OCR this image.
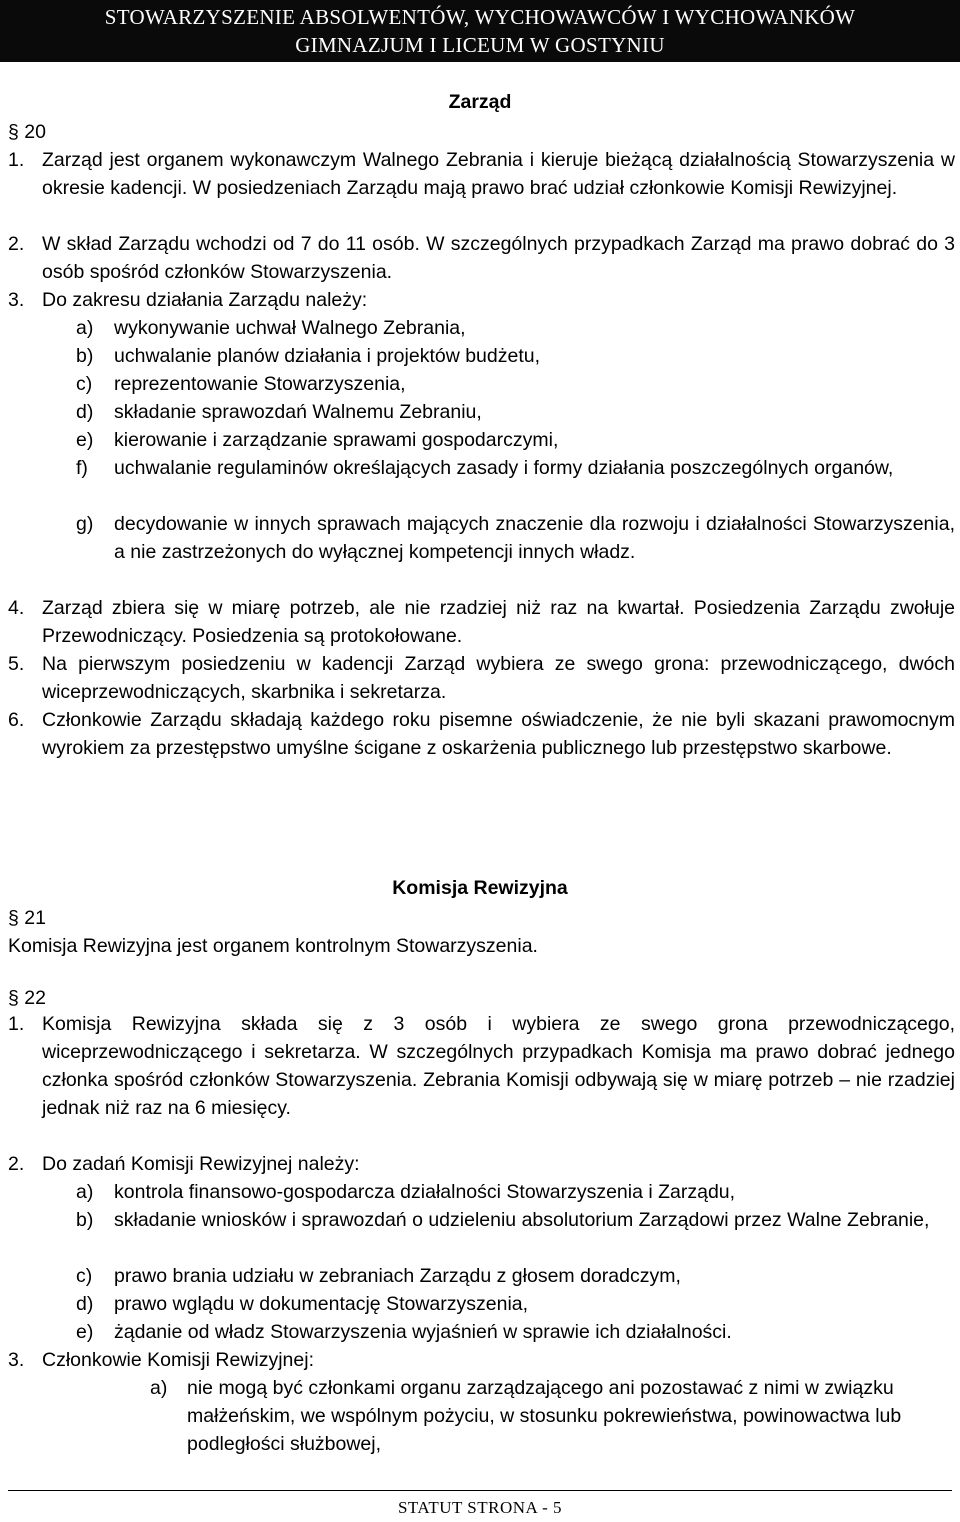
STOWARZYSZENIE ABSOLWENTÓW, WYCHOWAWCÓW I WYCHOWANKÓW
GIMNAZJUM I LICEUM W GOSTYNIU
Zarząd
§ 20
1. Zarząd jest organem wykonawczym Walnego Zebrania i kieruje bieżącą działalnością Stowarzyszenia w okresie kadencji. W posiedzeniach Zarządu mają prawo brać udział członkowie Komisji Rewizyjnej.
2. W skład Zarządu wchodzi od 7 do 11 osób. W szczególnych przypadkach Zarząd ma prawo dobrać do 3 osób spośród członków Stowarzyszenia.
3. Do zakresu działania Zarządu należy:
a) wykonywanie uchwał Walnego Zebrania,
b) uchwalanie planów działania i projektów budżetu,
c) reprezentowanie Stowarzyszenia,
d) składanie sprawozdań Walnemu Zebraniu,
e) kierowanie i zarządzanie sprawami gospodarczymi,
f) uchwalanie regulaminów określających zasady i formy działania poszczególnych organów,
g) decydowanie w innych sprawach mających znaczenie dla rozwoju i działalności Stowarzyszenia, a nie zastrzeżonych do wyłącznej kompetencji innych władz.
4. Zarząd zbiera się w miarę potrzeb, ale nie rzadziej niż raz na kwartał. Posiedzenia Zarządu zwołuje Przewodniczący. Posiedzenia są protokołowane.
5. Na pierwszym posiedzeniu w kadencji Zarząd wybiera ze swego grona: przewodniczącego, dwóch wiceprzewodniczących, skarbnika i sekretarza.
6. Członkowie Zarządu składają każdego roku pisemne oświadczenie, że nie byli skazani prawomocnym wyrokiem za przestępstwo umyślne ścigane z oskarżenia publicznego lub przestępstwo skarbowe.
Komisja Rewizyjna
§ 21
Komisja Rewizyjna jest organem kontrolnym Stowarzyszenia.
§ 22
1. Komisja Rewizyjna składa się z 3 osób i wybiera ze swego grona przewodniczącego, wiceprzewodniczącego i sekretarza. W szczególnych przypadkach Komisja ma prawo dobrać jednego członka spośród członków Stowarzyszenia. Zebrania Komisji odbywają się w miarę potrzeb – nie rzadziej jednak niż raz na 6 miesięcy.
2. Do zadań Komisji Rewizyjnej należy:
a) kontrola finansowo-gospodarcza działalności Stowarzyszenia i Zarządu,
b) składanie wniosków i sprawozdań o udzieleniu absolutorium Zarządowi przez Walne Zebranie,
c) prawo brania udziału w zebraniach Zarządu z głosem doradczym,
d) prawo wglądu w dokumentację Stowarzyszenia,
e) żądanie od władz Stowarzyszenia wyjaśnień w sprawie ich działalności.
3. Członkowie Komisji Rewizyjnej:
a) nie mogą być członkami organu zarządzającego ani pozostawać z nimi w związku małżeńskim, we wspólnym pożyciu, w stosunku pokrewieństwa, powinowactwa lub podległości służbowej,
STATUT STRONA - 5
